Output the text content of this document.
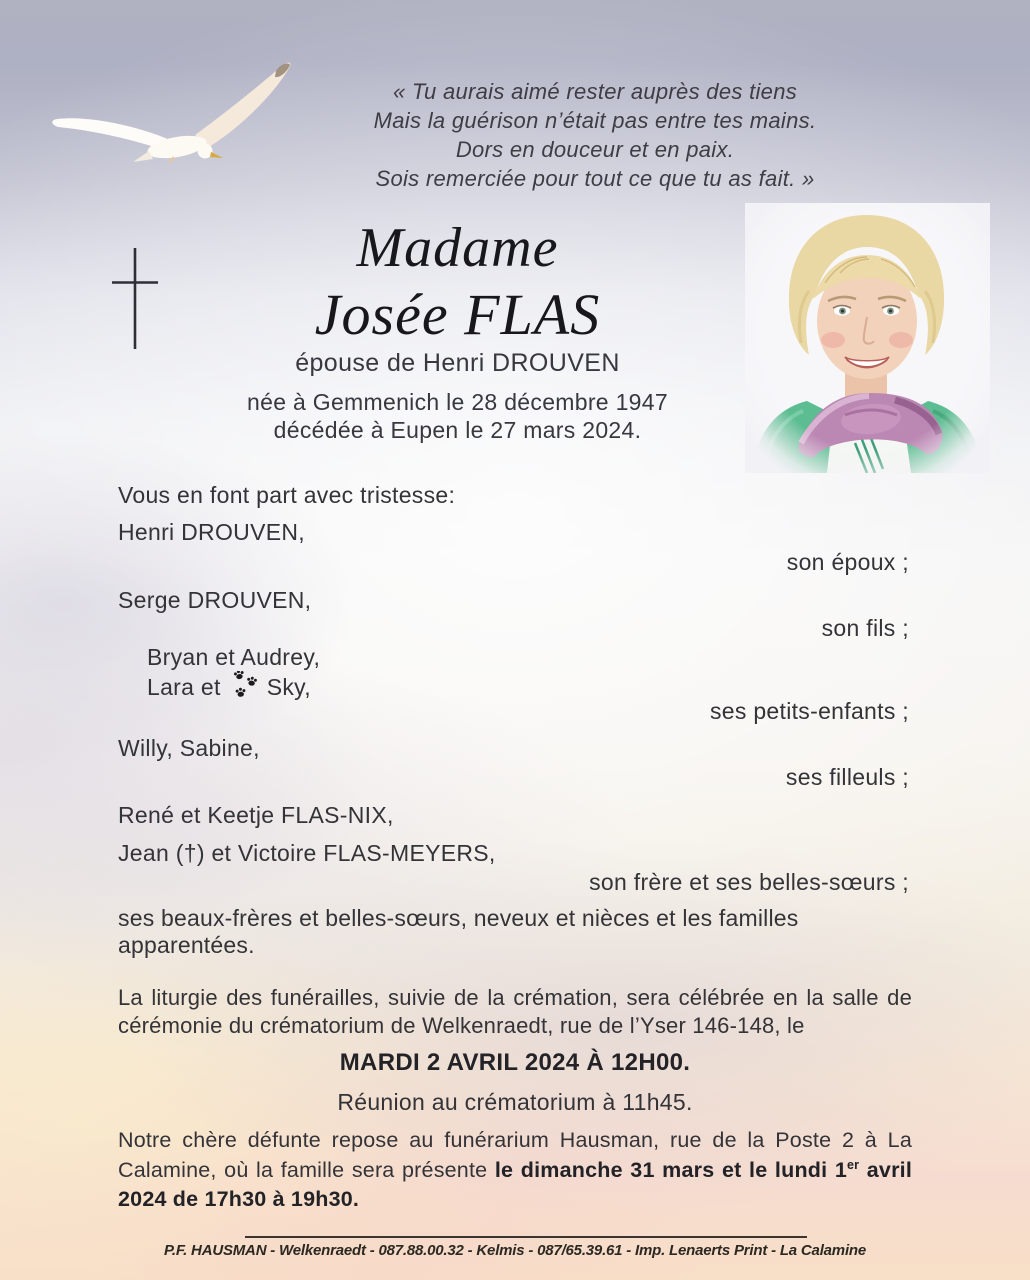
« Tu aurais aimé rester auprès des tiens
Mais la guérison n’était pas entre tes mains.
Dors en douceur et en paix.
Sois remerciée pour tout ce que tu as fait. »
Madame
Josée FLAS
épouse de Henri DROUVEN
née à Gemmenich le 28 décembre 1947
décédée à Eupen le 27 mars 2024.
Vous en font part avec tristesse:
Henri DROUVEN,
son époux ;
Serge DROUVEN,
son fils ;
Bryan et Audrey,
Lara et Sky,
ses petits-enfants ;
Willy, Sabine,
ses filleuls ;
René et Keetje FLAS-NIX,
Jean (†) et Victoire FLAS-MEYERS,
son frère et ses belles-sœurs ;
ses beaux-frères et belles-sœurs, neveux et nièces et les familles apparentées.
La liturgie des funérailles, suivie de la crémation, sera célébrée en la salle de cérémonie du crématorium de Welkenraedt, rue de l’Yser 146-148, le
MARDI 2 AVRIL 2024 À 12H00.
Réunion au crématorium à 11h45.
Notre chère défunte repose au funérarium Hausman, rue de la Poste 2 à La Calamine, où la famille sera présente le dimanche 31 mars et le lundi 1er avril 2024 de 17h30 à 19h30.
P.F. HAUSMAN - Welkenraedt - 087.88.00.32 - Kelmis - 087/65.39.61 - Imp. Lenaerts Print - La Calamine
